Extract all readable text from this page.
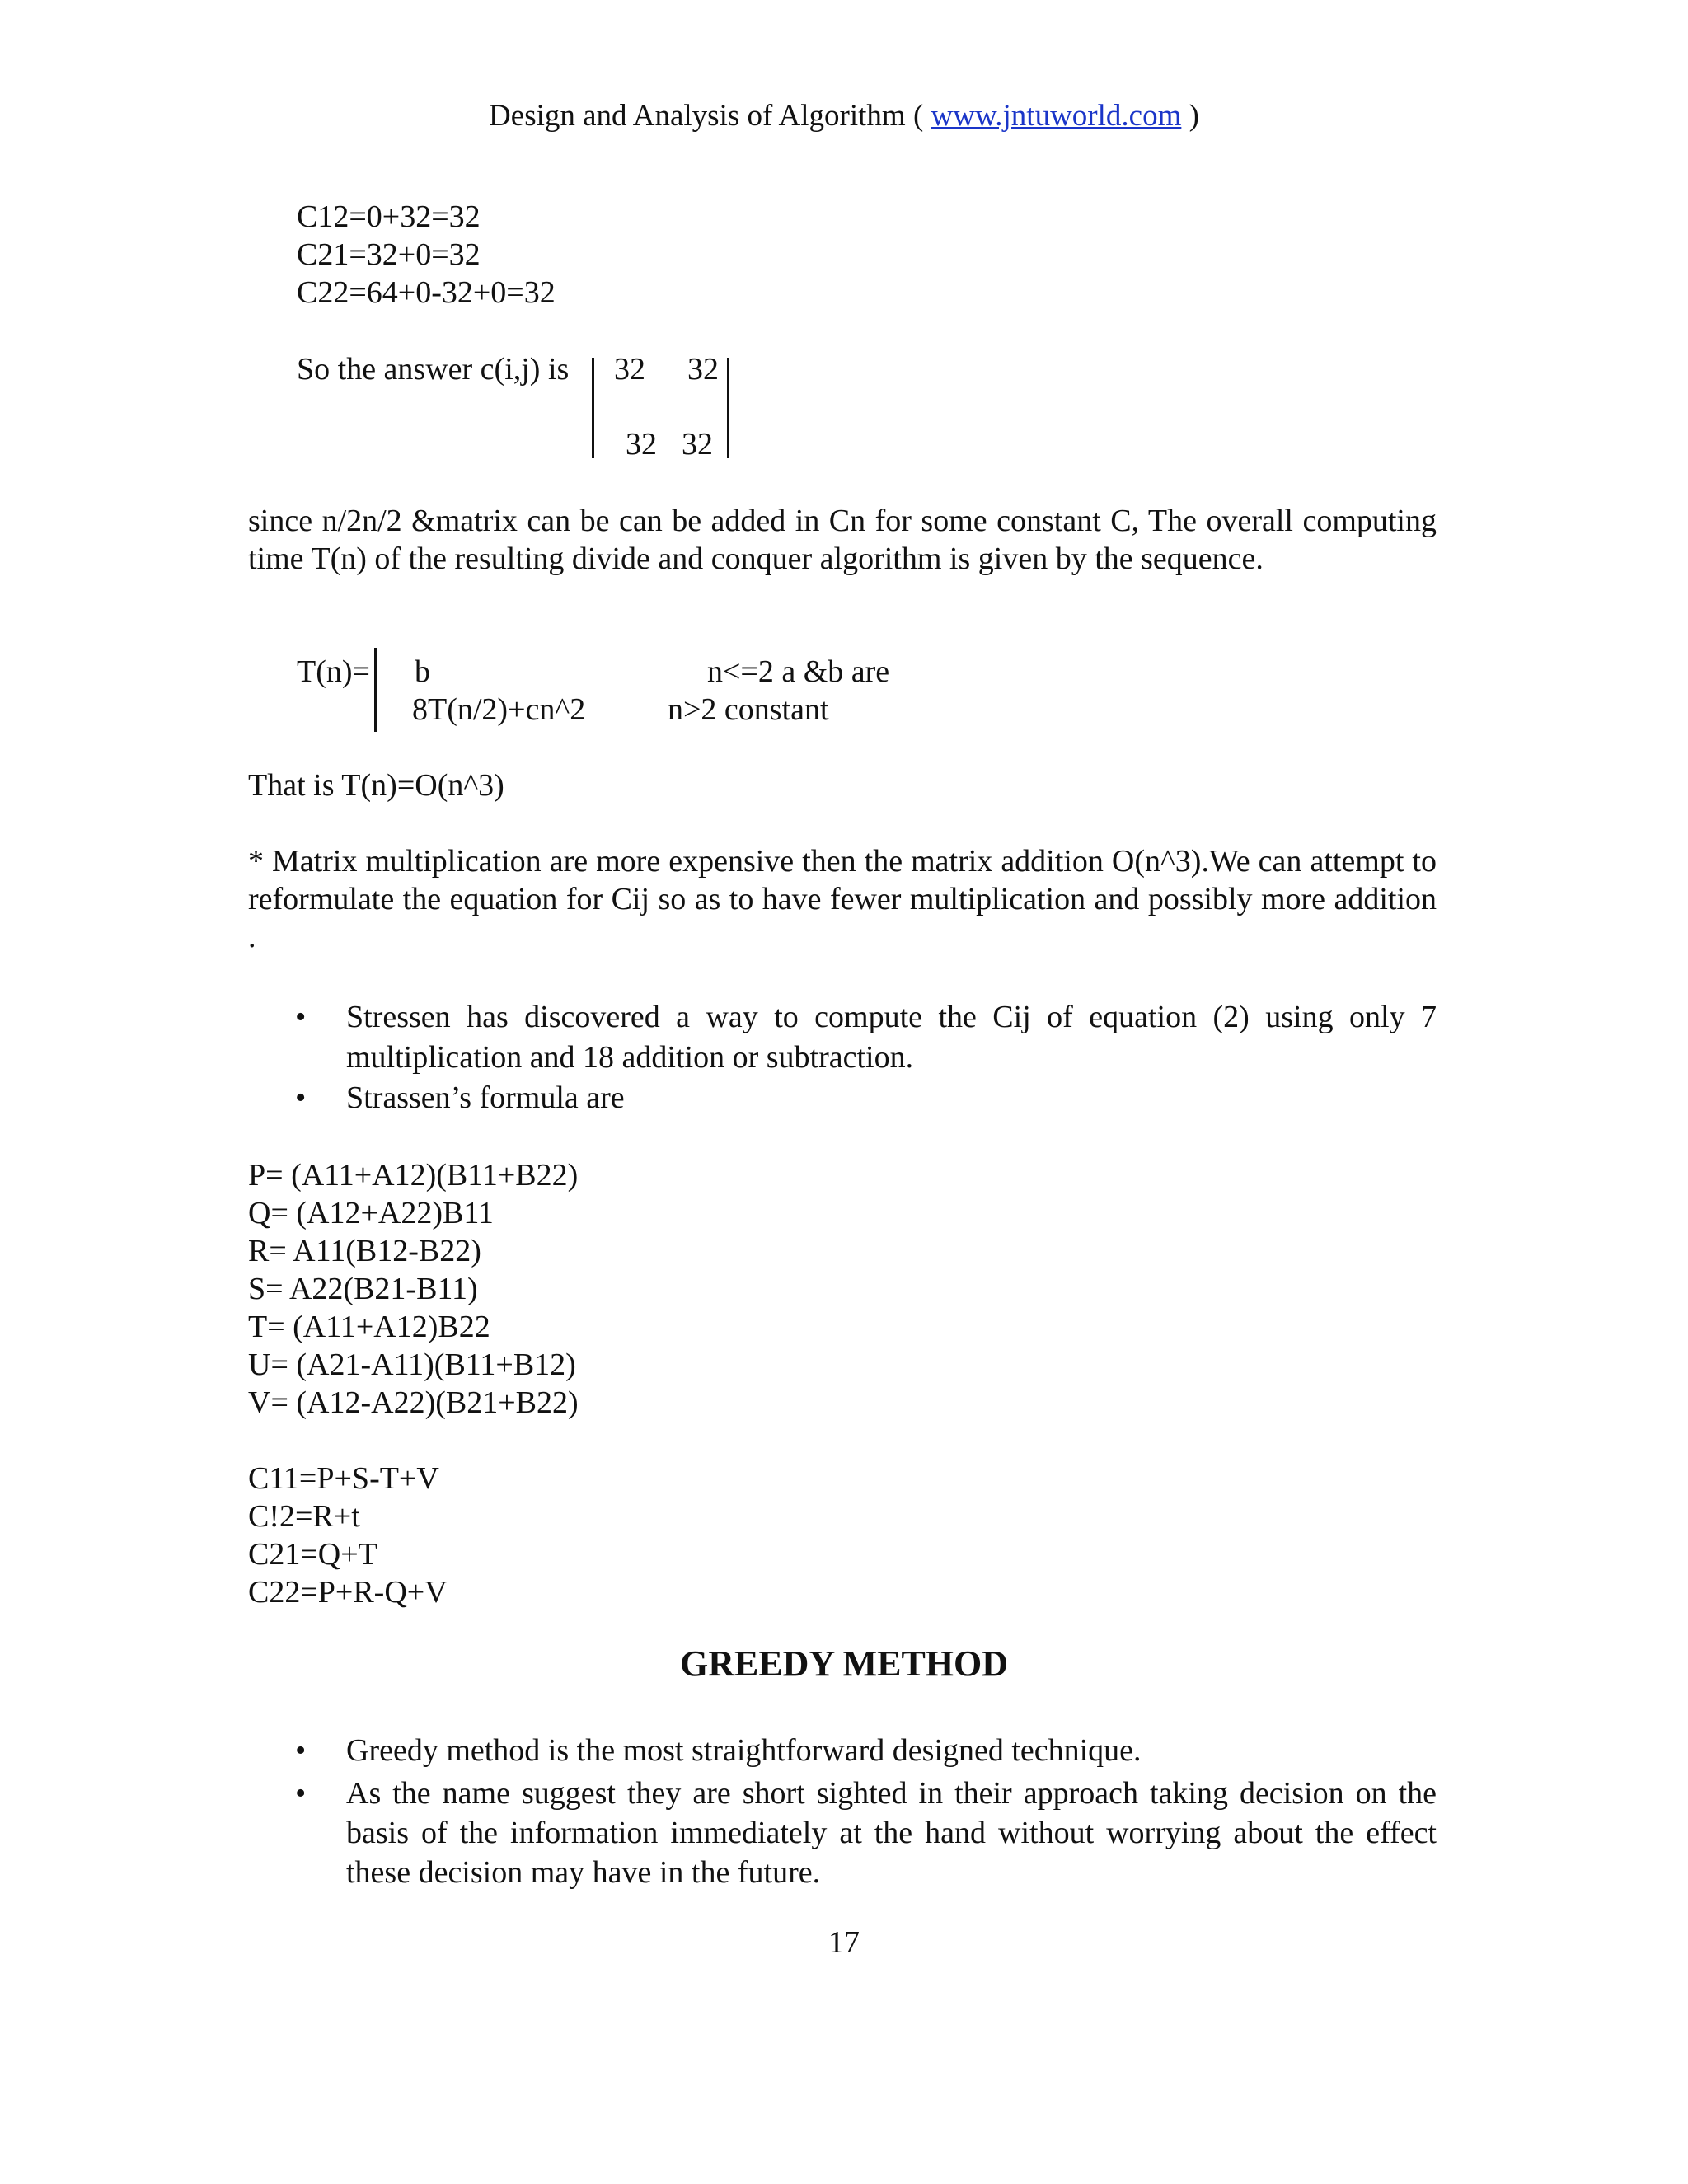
Design and Analysis of Algorithm ( www.jntuworld.com )
C12=0+32=32
C21=32+0=32
C22=64+0-32+0=32
So the answer c(i,j) is 32 32
32 32
since n/2n/2 &matrix can be can be added in Cn for some constant C, The overall computing time T(n) of the resulting divide and conquer algorithm is given by the sequence.
T(n)= b	n<=2 a &b are
8T(n/2)+cn^2	n>2 constant
That is T(n)=O(n^3)
* Matrix multiplication are more expensive then the matrix addition O(n^3).We can attempt to reformulate the equation for Cij so as to have fewer multiplication and possibly more addition .
• Stressen has discovered a way to compute the Cij of equation (2) using only 7 multiplication and 18 addition or subtraction.
• Strassen’s formula are
P= (A11+A12)(B11+B22)
Q= (A12+A22)B11
R= A11(B12-B22)
S= A22(B21-B11)
T= (A11+A12)B22
U= (A21-A11)(B11+B12)
V= (A12-A22)(B21+B22)
C11=P+S-T+V
C!2=R+t
C21=Q+T
C22=P+R-Q+V
GREEDY METHOD
• Greedy method is the most straightforward designed technique.
• As the name suggest they are short sighted in their approach taking decision on the basis of the information immediately at the hand without worrying about the effect these decision may have in the future.
17
